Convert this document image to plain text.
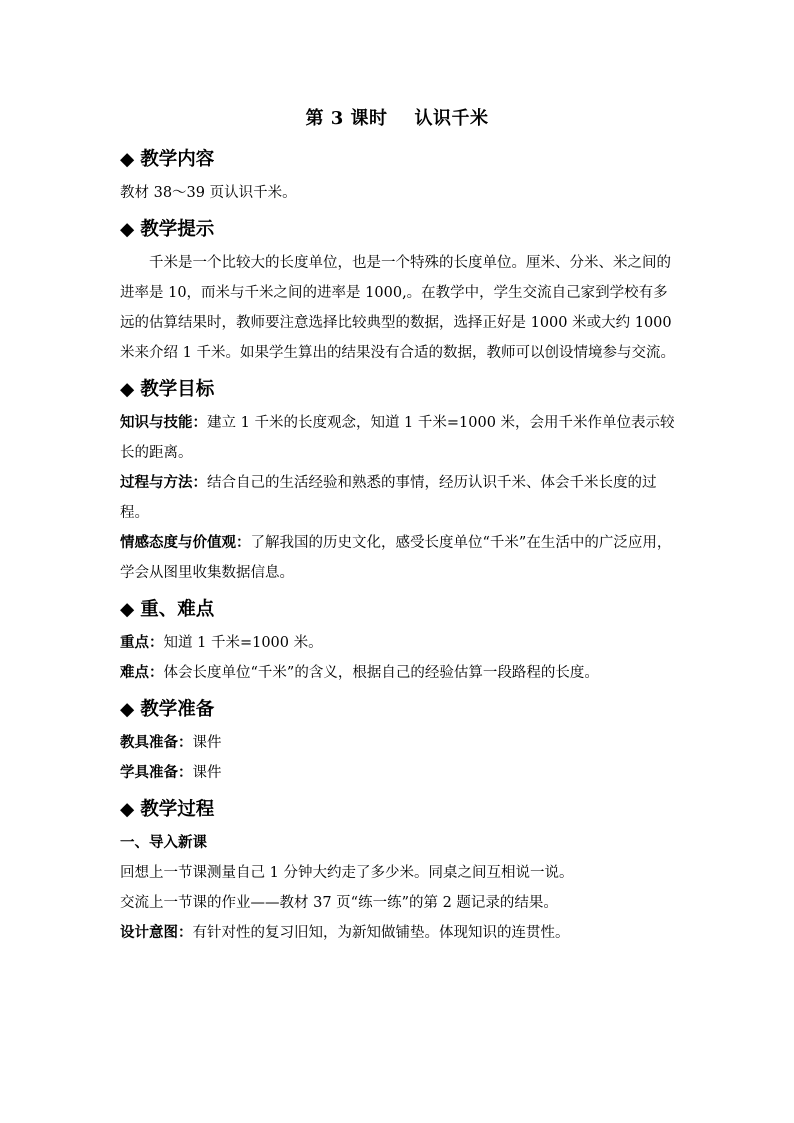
第 3 课时    认识千米
◆ 教学内容
教材 38～39 页认识千米。
◆ 教学提示
千米是一个比较大的长度单位，也是一个特殊的长度单位。厘米、分米、米之间的进率是 10，而米与千米之间的进率是 1000,。在教学中，学生交流自己家到学校有多远的估算结果时，教师要注意选择比较典型的数据，选择正好是 1000 米或大约 1000 米来介绍 1 千米。如果学生算出的结果没有合适的数据，教师可以创设情境参与交流。
◆ 教学目标
知识与技能：建立 1 千米的长度观念，知道 1 千米=1000 米，会用千米作单位表示较长的距离。
过程与方法：结合自己的生活经验和熟悉的事情，经历认识千米、体会千米长度的过程。
情感态度与价值观：了解我国的历史文化，感受长度单位“千米”在生活中的广泛应用，学会从图里收集数据信息。
◆ 重、难点
重点：知道 1 千米=1000 米。
难点：体会长度单位“千米”的含义，根据自己的经验估算一段路程的长度。
◆ 教学准备
教具准备：课件
学具准备：课件
◆ 教学过程
一、导入新课
回想上一节课测量自己 1 分钟大约走了多少米。同桌之间互相说一说。
交流上一节课的作业——教材 37 页“练一练”的第 2 题记录的结果。
设计意图：有针对性的复习旧知，为新知做铺垫。体现知识的连贯性。
